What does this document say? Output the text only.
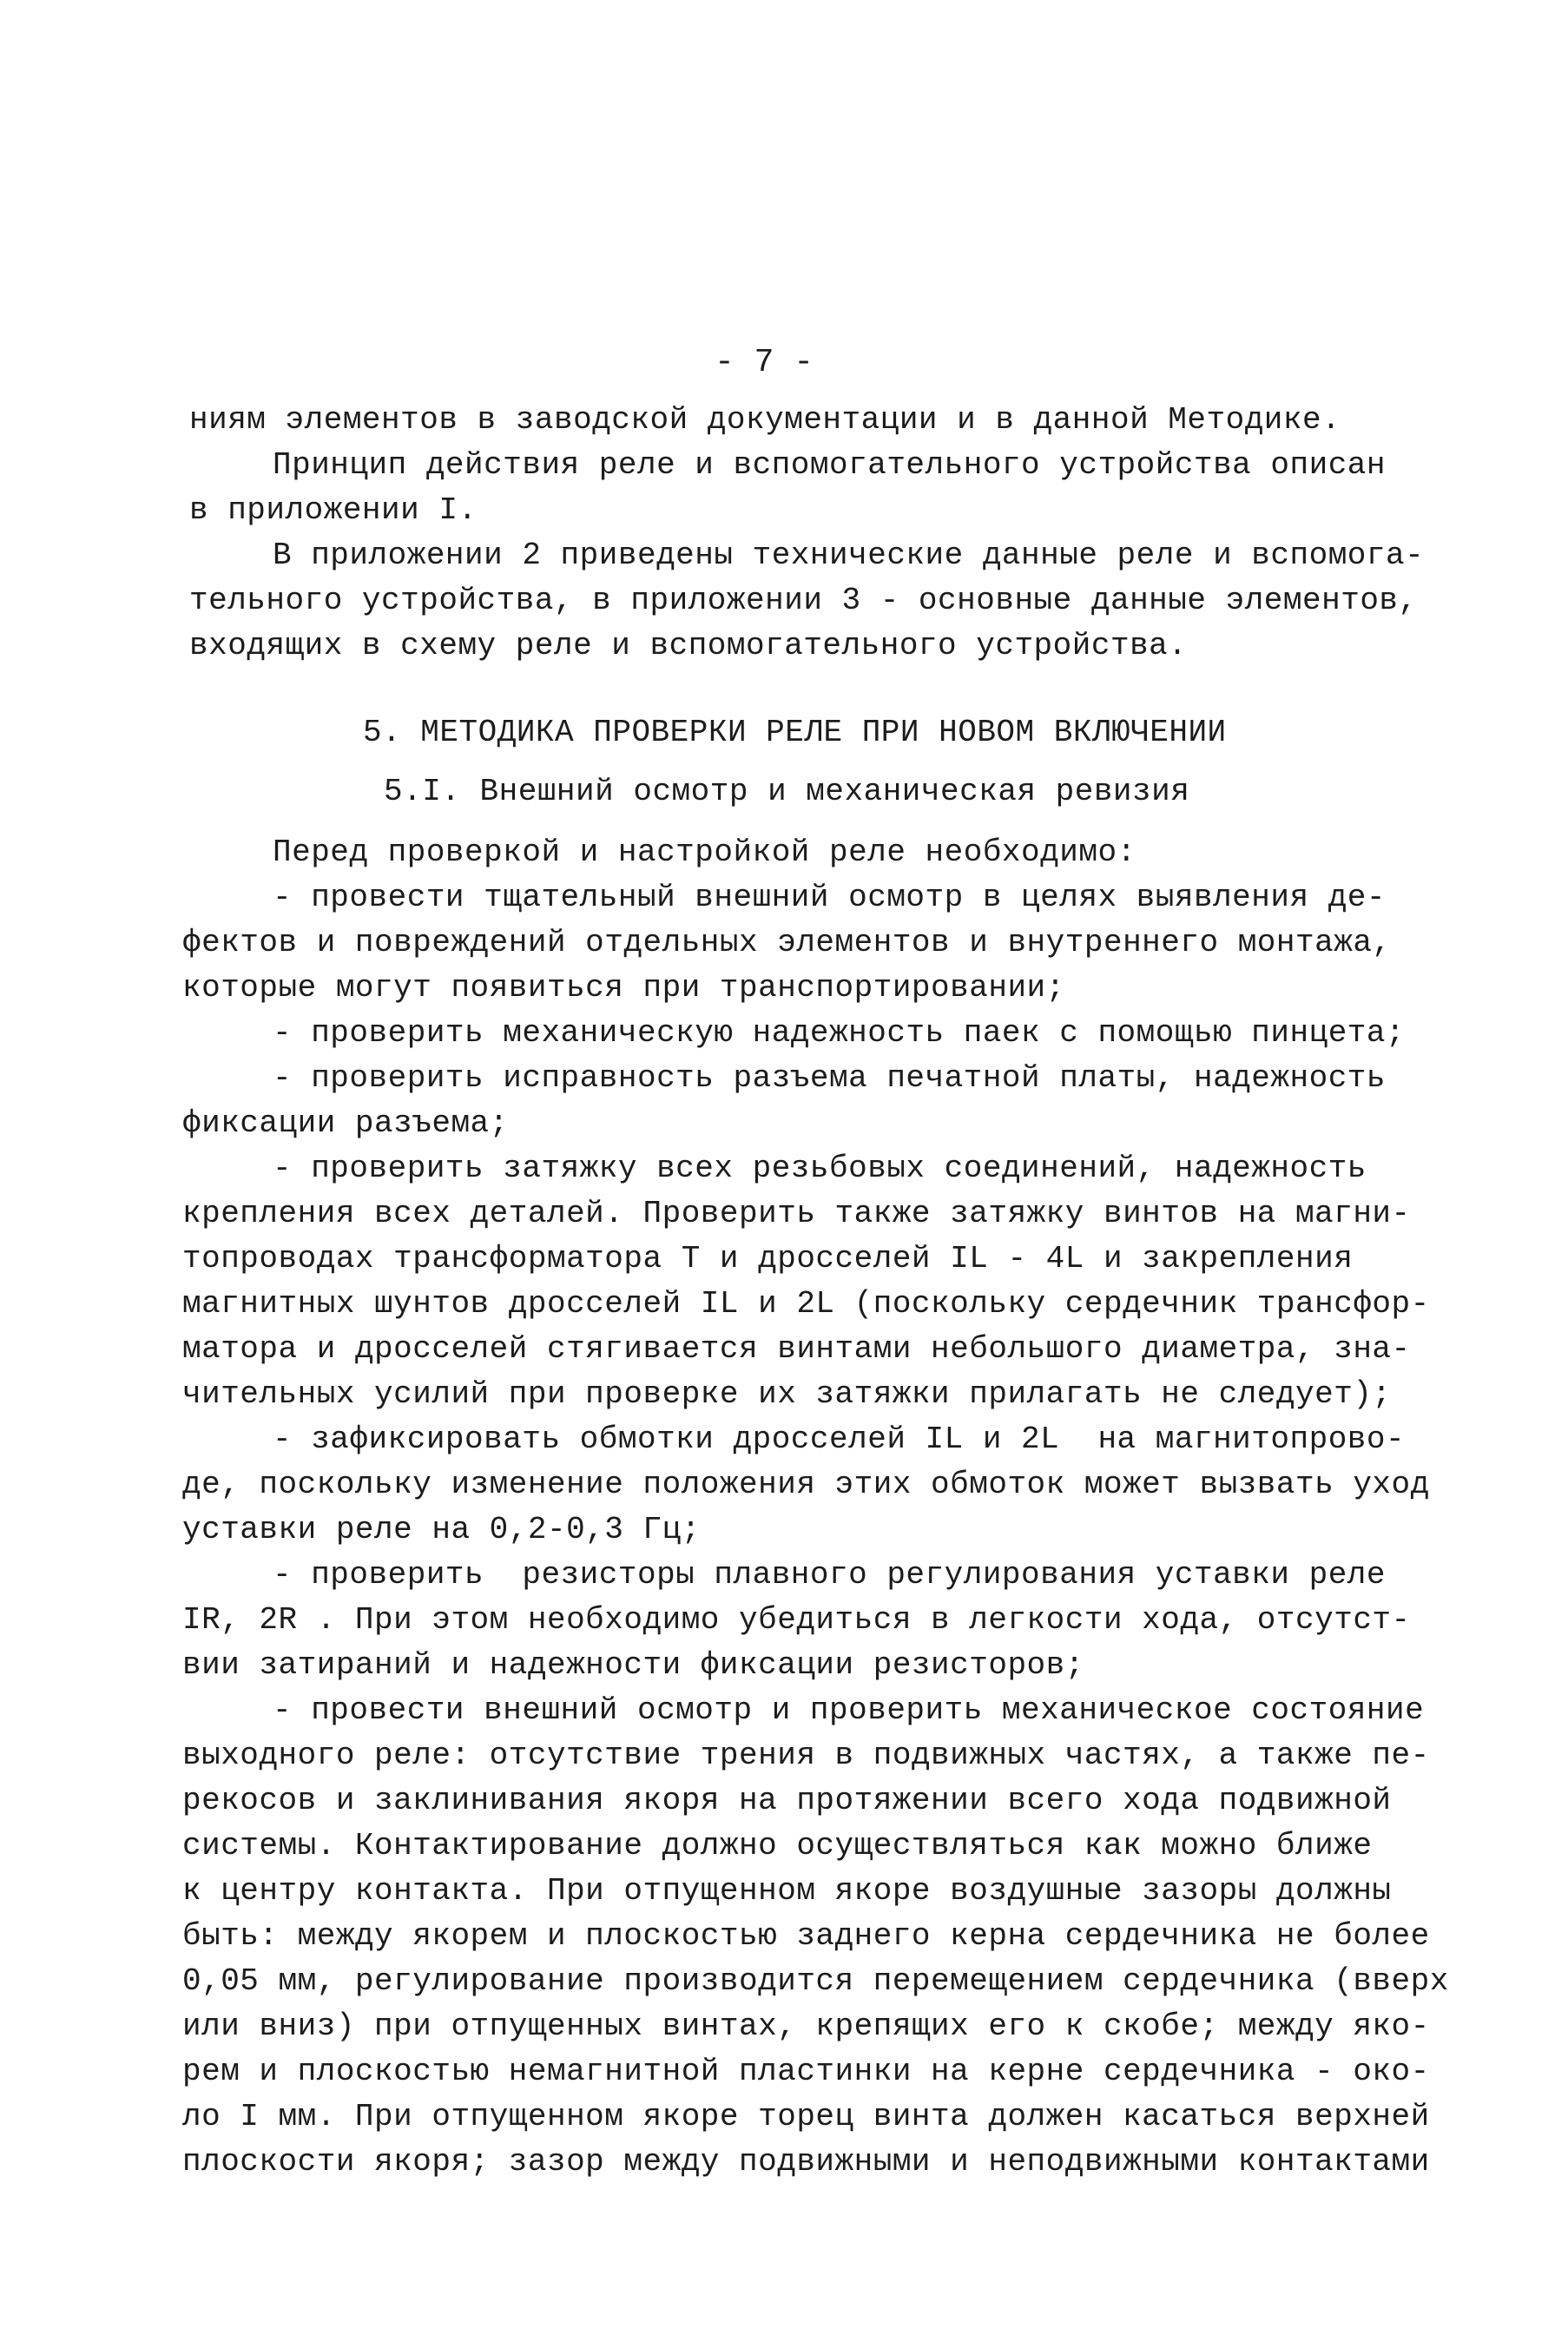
- 7 -
ниям элементов в заводской документации и в данной Методике.
Принцип действия реле и вспомогательного устройства описан
в приложении I.
В приложении 2 приведены технические данные реле и вспомога-
тельного устройства, в приложении 3 - основные данные элементов,
входящих в схему реле и вспомогательного устройства.
5. МЕТОДИКА ПРОВЕРКИ РЕЛЕ ПРИ НОВОМ ВКЛЮЧЕНИИ
5.I. Внешний осмотр и механическая ревизия
Перед проверкой и настройкой реле необходимо:
- провести тщательный внешний осмотр в целях выявления де-
фектов и повреждений отдельных элементов и внутреннего монтажа,
которые могут появиться при транспортировании;
- проверить механическую надежность паек с помощью пинцета;
- проверить исправность разъема печатной платы, надежность
фиксации разъема;
- проверить затяжку всех резьбовых соединений, надежность
крепления всех деталей. Проверить также затяжку винтов на магни-
топроводах трансформатора Т и дросселей IL - 4L и закрепления
магнитных шунтов дросселей IL и 2L (поскольку сердечник трансфор-
матора и дросселей стягивается винтами небольшого диаметра, зна-
чительных усилий при проверке их затяжки прилагать не следует);
- зафиксировать обмотки дросселей IL и 2L  на магнитопрово-
де, поскольку изменение положения этих обмоток может вызвать уход
уставки реле на 0,2-0,3 Гц;
- проверить  резисторы плавного регулирования уставки реле
IR, 2R . При этом необходимо убедиться в легкости хода, отсутст-
вии затираний и надежности фиксации резисторов;
- провести внешний осмотр и проверить механическое состояние
выходного реле: отсутствие трения в подвижных частях, а также пе-
рекосов и заклинивания якоря на протяжении всего хода подвижной
системы. Контактирование должно осуществляться как можно ближе
к центру контакта. При отпущенном якоре воздушные зазоры должны
быть: между якорем и плоскостью заднего керна сердечника не более
0,05 мм, регулирование производится перемещением сердечника (вверх
или вниз) при отпущенных винтах, крепящих его к скобе; между яко-
рем и плоскостью немагнитной пластинки на керне сердечника - око-
ло I мм. При отпущенном якоре торец винта должен касаться верхней
плоскости якоря; зазор между подвижными и неподвижными контактами
